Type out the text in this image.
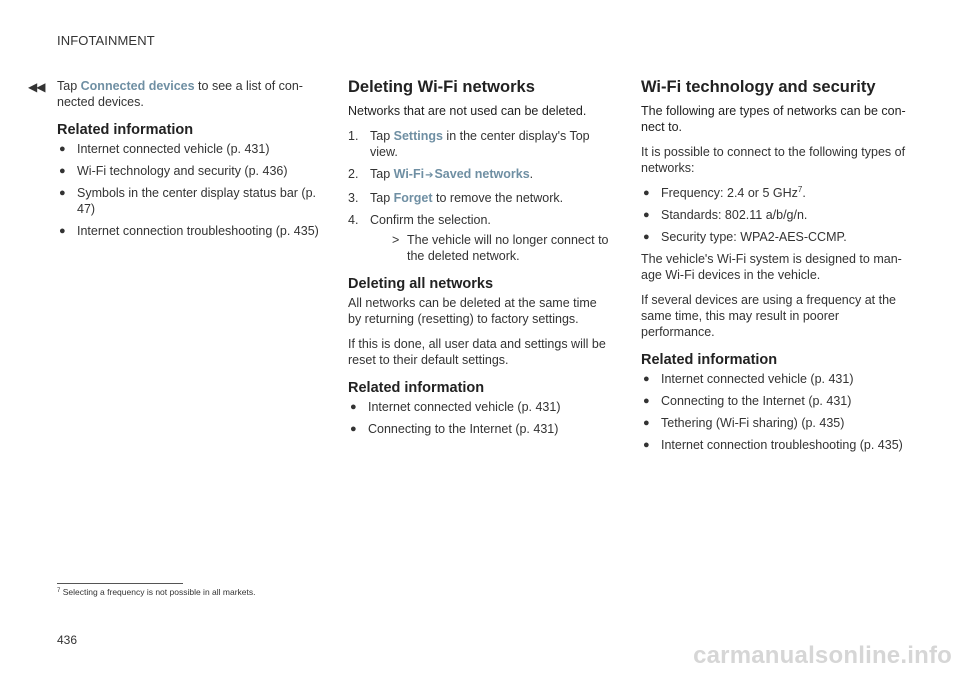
INFOTAINMENT
◀◀ Tap Connected devices to see a list of con-nected devices.

Related information
● Internet connected vehicle (p. 431)
● Wi-Fi technology and security (p. 436)
● Symbols in the center display status bar (p. 47)
● Internet connection troubleshooting (p. 435)
Deleting Wi-Fi networks

Networks that are not used can be deleted.

1. Tap Settings in the center display's Top view.
2. Tap Wi-Fi➔Saved networks.
3. Tap Forget to remove the network.
4. Confirm the selection.
> The vehicle will no longer connect to the deleted network.
Deleting all networks

All networks can be deleted at the same time by returning (resetting) to factory settings.

If this is done, all user data and settings will be reset to their default settings.

Related information
● Internet connected vehicle (p. 431)
● Connecting to the Internet (p. 431)
Wi-Fi technology and security

The following are types of networks can be con-nect to.

It is possible to connect to the following types of networks:

● Frequency: 2.4 or 5 GHz$^7$.
● Standards: 802.11 a/b/g/n.
● Security type: WPA2-AES-CCMP.

The vehicle's Wi-Fi system is designed to man-age Wi-Fi devices in the vehicle.

If several devices are using a frequency at the same time, this may result in poorer performance.

Related information
● Internet connected vehicle (p. 431)
● Connecting to the Internet (p. 431)
● Tethering (Wi-Fi sharing) (p. 435)
● Internet connection troubleshooting (p. 435)
$^7$ Selecting a frequency is not possible in all markets.
436
carmanualsonline.info
